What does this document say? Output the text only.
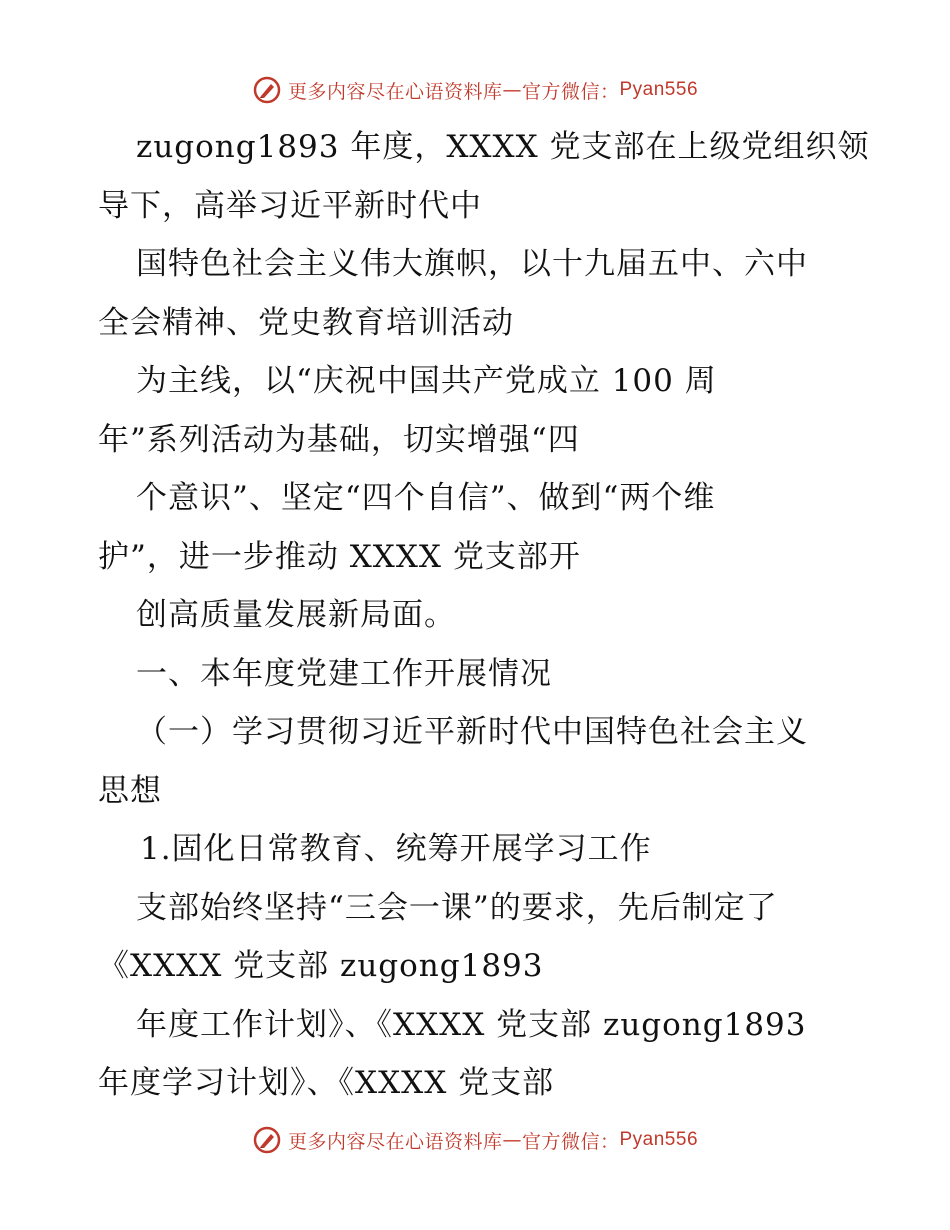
更多内容尽在心语资料库 — 官方微信： Pyan556
zugong1893 年度，XXXX 党支部在上级党组织领
导下，高举习近平新时代中
国特色社会主义伟大旗帜，以十九届五中、六中
全会精神、党史教育培训活动
为主线，以“庆祝中国共产党成立 100 周
年”系列活动为基础，切实增强“四
个意识”、坚定“四个自信”、做到“两个维
护”，进一步推动 XXXX 党支部开
创高质量发展新局面。
一、本年度党建工作开展情况
（一）学习贯彻习近平新时代中国特色社会主义
思想
1.固化日常教育、统筹开展学习工作
支部始终坚持“三会一课”的要求，先后制定了
《XXXX 党支部 zugong1893
年度工作计划》、《XXXX 党支部 zugong1893
年度学习计划》、《XXXX 党支部
更多内容尽在心语资料库 — 官方微信： Pyan556
